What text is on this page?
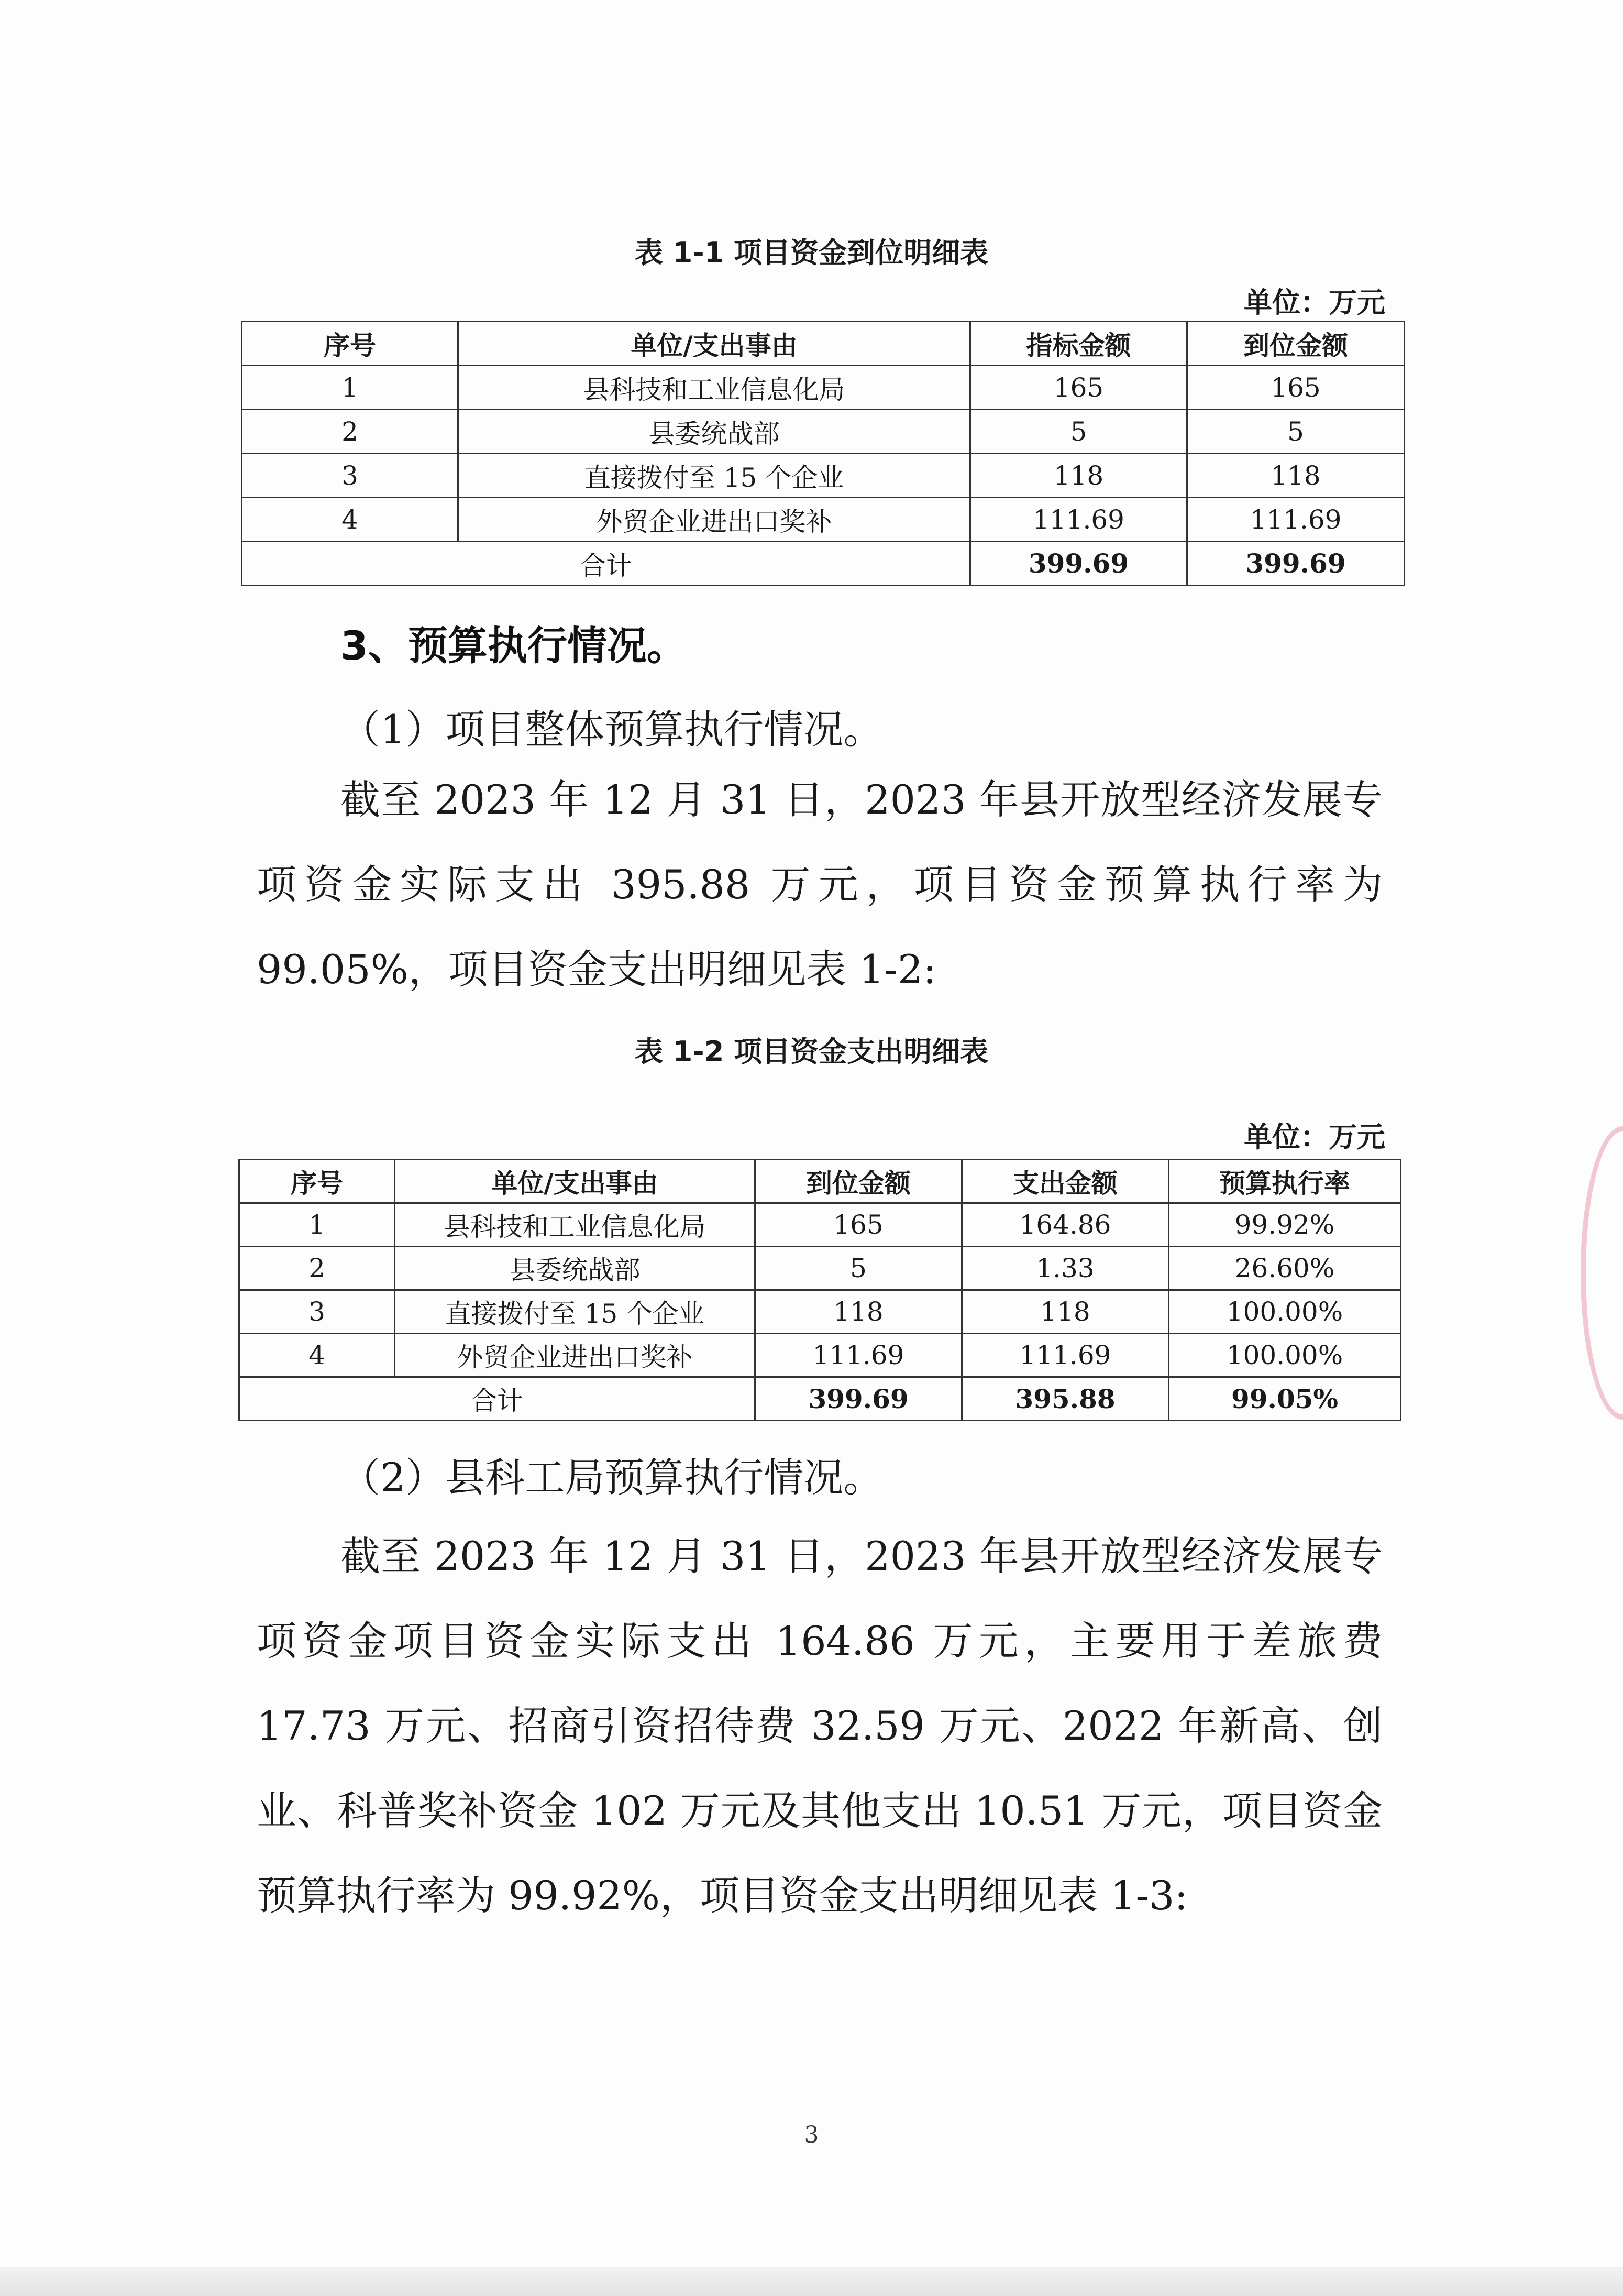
表 1-1 项目资金到位明细表
单位：万元
序号	单位/支出事由	指标金额	到位金额
1	县科技和工业信息化局	165	165
2	县委统战部	5	5
3	直接拨付至 15 个企业	118	118
4	外贸企业进出口奖补	111.69	111.69
合计		399.69	399.69
3、预算执行情况。
（1）项目整体预算执行情况。

截至 2023 年 12 月 31 日，2023 年县开放型经济发展专项资金实际支出 395.88 万元，项目资金预算执行率为 99.05%，项目资金支出明细见表 1-2:

表 1-2 项目资金支出明细表
单位：万元
序号	单位/支出事由	到位金额	支出金额	预算执行率
1	县科技和工业信息化局	165	164.86	99.92%
2	县委统战部	5	1.33	26.60%
3	直接拨付至 15 个企业	118	118	100.00%
4	外贸企业进出口奖补	111.69	111.69	100.00%
合计		399.69	395.88	99.05%
（2）县科工局预算执行情况。

截至 2023 年 12 月 31 日，2023 年县开放型经济发展专项资金项目资金实际支出 164.86 万元，主要用于差旅费 17.73 万元、招商引资招待费 32.59 万元、2022 年新高、创业、科普奖补资金 102 万元及其他支出 10.51 万元，项目资金预算执行率为 99.92%，项目资金支出明细见表 1-3:

3
